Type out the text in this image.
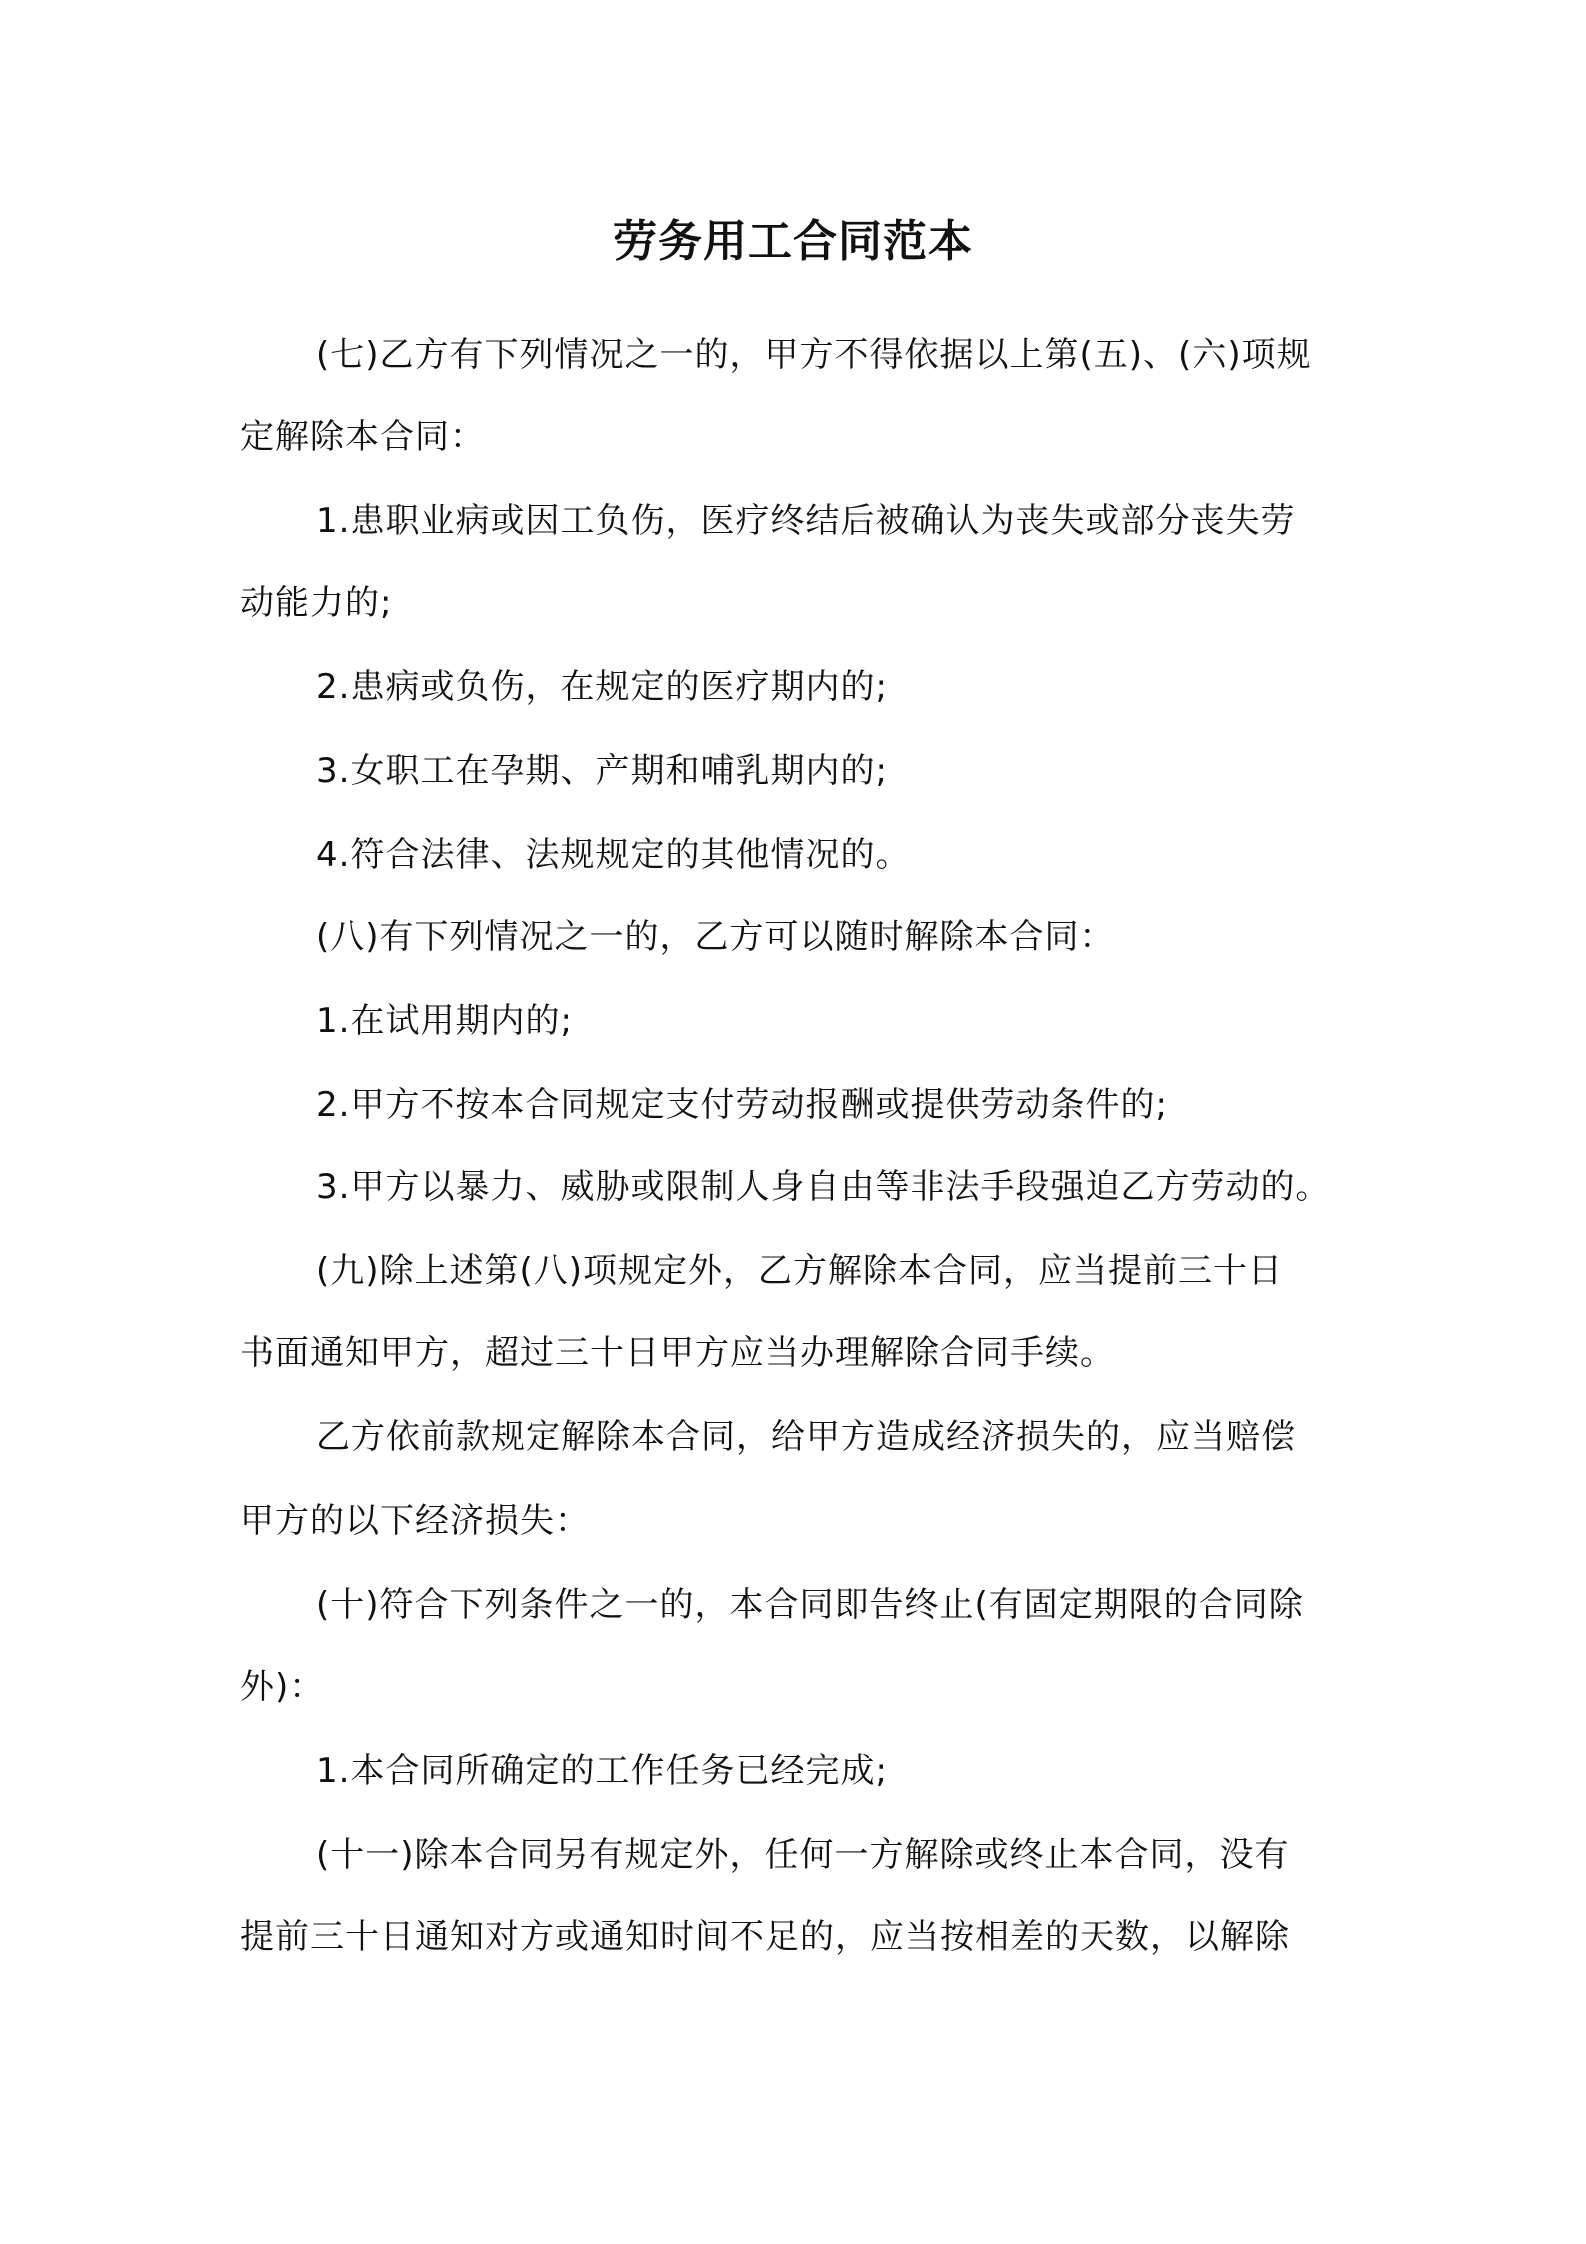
劳务用工合同范本
(七)乙方有下列情况之一的，甲方不得依据以上第(五)、(六)项规
定解除本合同：
1.患职业病或因工负伤，医疗终结后被确认为丧失或部分丧失劳
动能力的;
2.患病或负伤，在规定的医疗期内的;
3.女职工在孕期、产期和哺乳期内的;
4.符合法律、法规规定的其他情况的。
(八)有下列情况之一的，乙方可以随时解除本合同：
1.在试用期内的;
2.甲方不按本合同规定支付劳动报酬或提供劳动条件的;
3.甲方以暴力、威胁或限制人身自由等非法手段强迫乙方劳动的。
(九)除上述第(八)项规定外，乙方解除本合同，应当提前三十日
书面通知甲方，超过三十日甲方应当办理解除合同手续。
乙方依前款规定解除本合同，给甲方造成经济损失的，应当赔偿
甲方的以下经济损失：
(十)符合下列条件之一的，本合同即告终止(有固定期限的合同除
外)：
1.本合同所确定的工作任务已经完成;
(十一)除本合同另有规定外，任何一方解除或终止本合同，没有
提前三十日通知对方或通知时间不足的，应当按相差的天数，以解除
